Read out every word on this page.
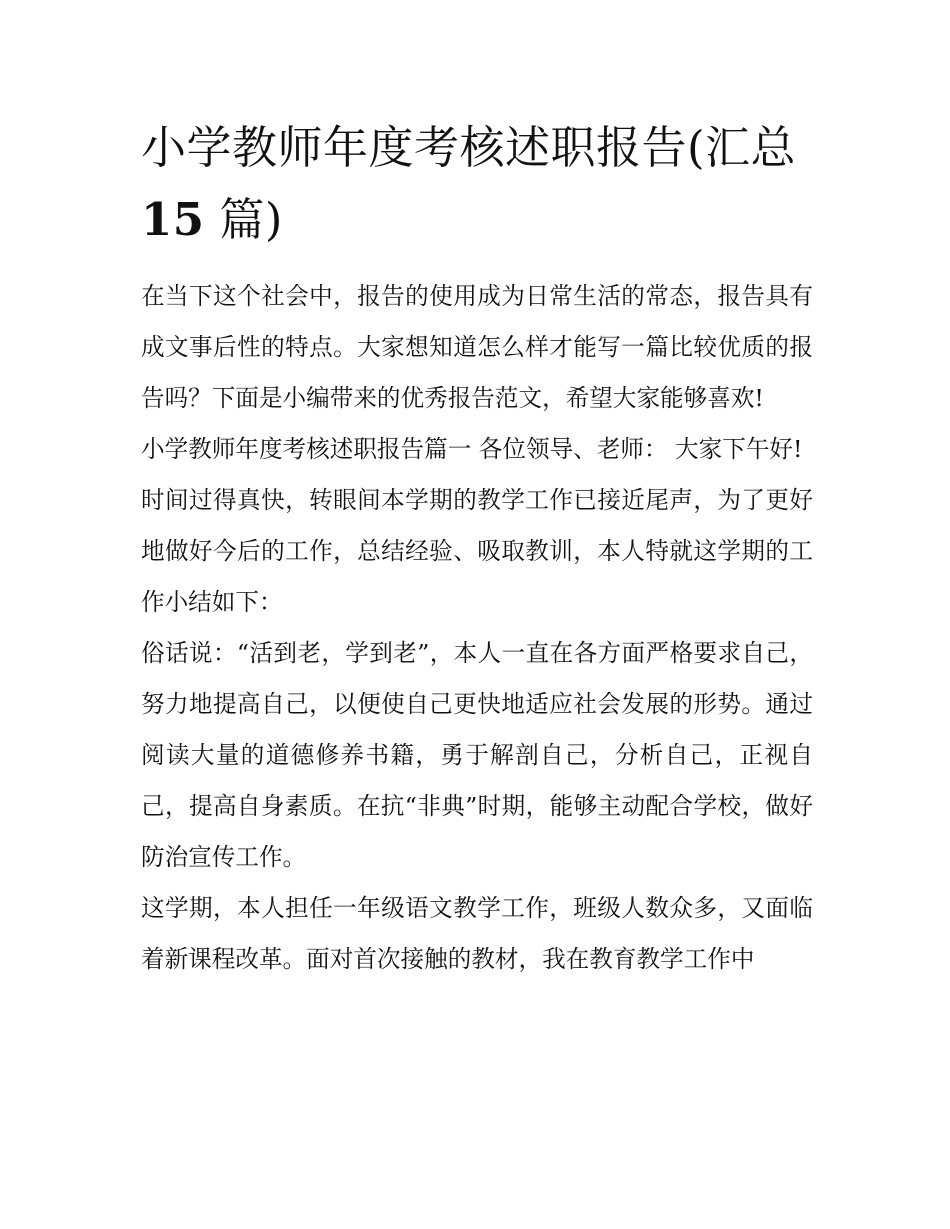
小学教师年度考核述职报告(汇总 15 篇)

在当下这个社会中，报告的使用成为日常生活的常态，报告具有成文事后性的特点。大家想知道怎么样才能写一篇比较优质的报告吗？下面是小编带来的优秀报告范文，希望大家能够喜欢!

小学教师年度考核述职报告篇一 各位领导、老师： 大家下午好!

时间过得真快，转眼间本学期的教学工作已接近尾声，为了更好地做好今后的工作，总结经验、吸取教训，本人特就这学期的工作小结如下：

俗话说：“活到老，学到老”，本人一直在各方面严格要求自己，努力地提高自己，以便使自己更快地适应社会发展的形势。通过阅读大量的道德修养书籍，勇于解剖自己，分析自己，正视自己，提高自身素质。在抗“非典”时期，能够主动配合学校，做好防治宣传工作。

这学期，本人担任一年级语文教学工作，班级人数众多，又面临着新课程改革。面对首次接触的教材，我在教育教学工作中
